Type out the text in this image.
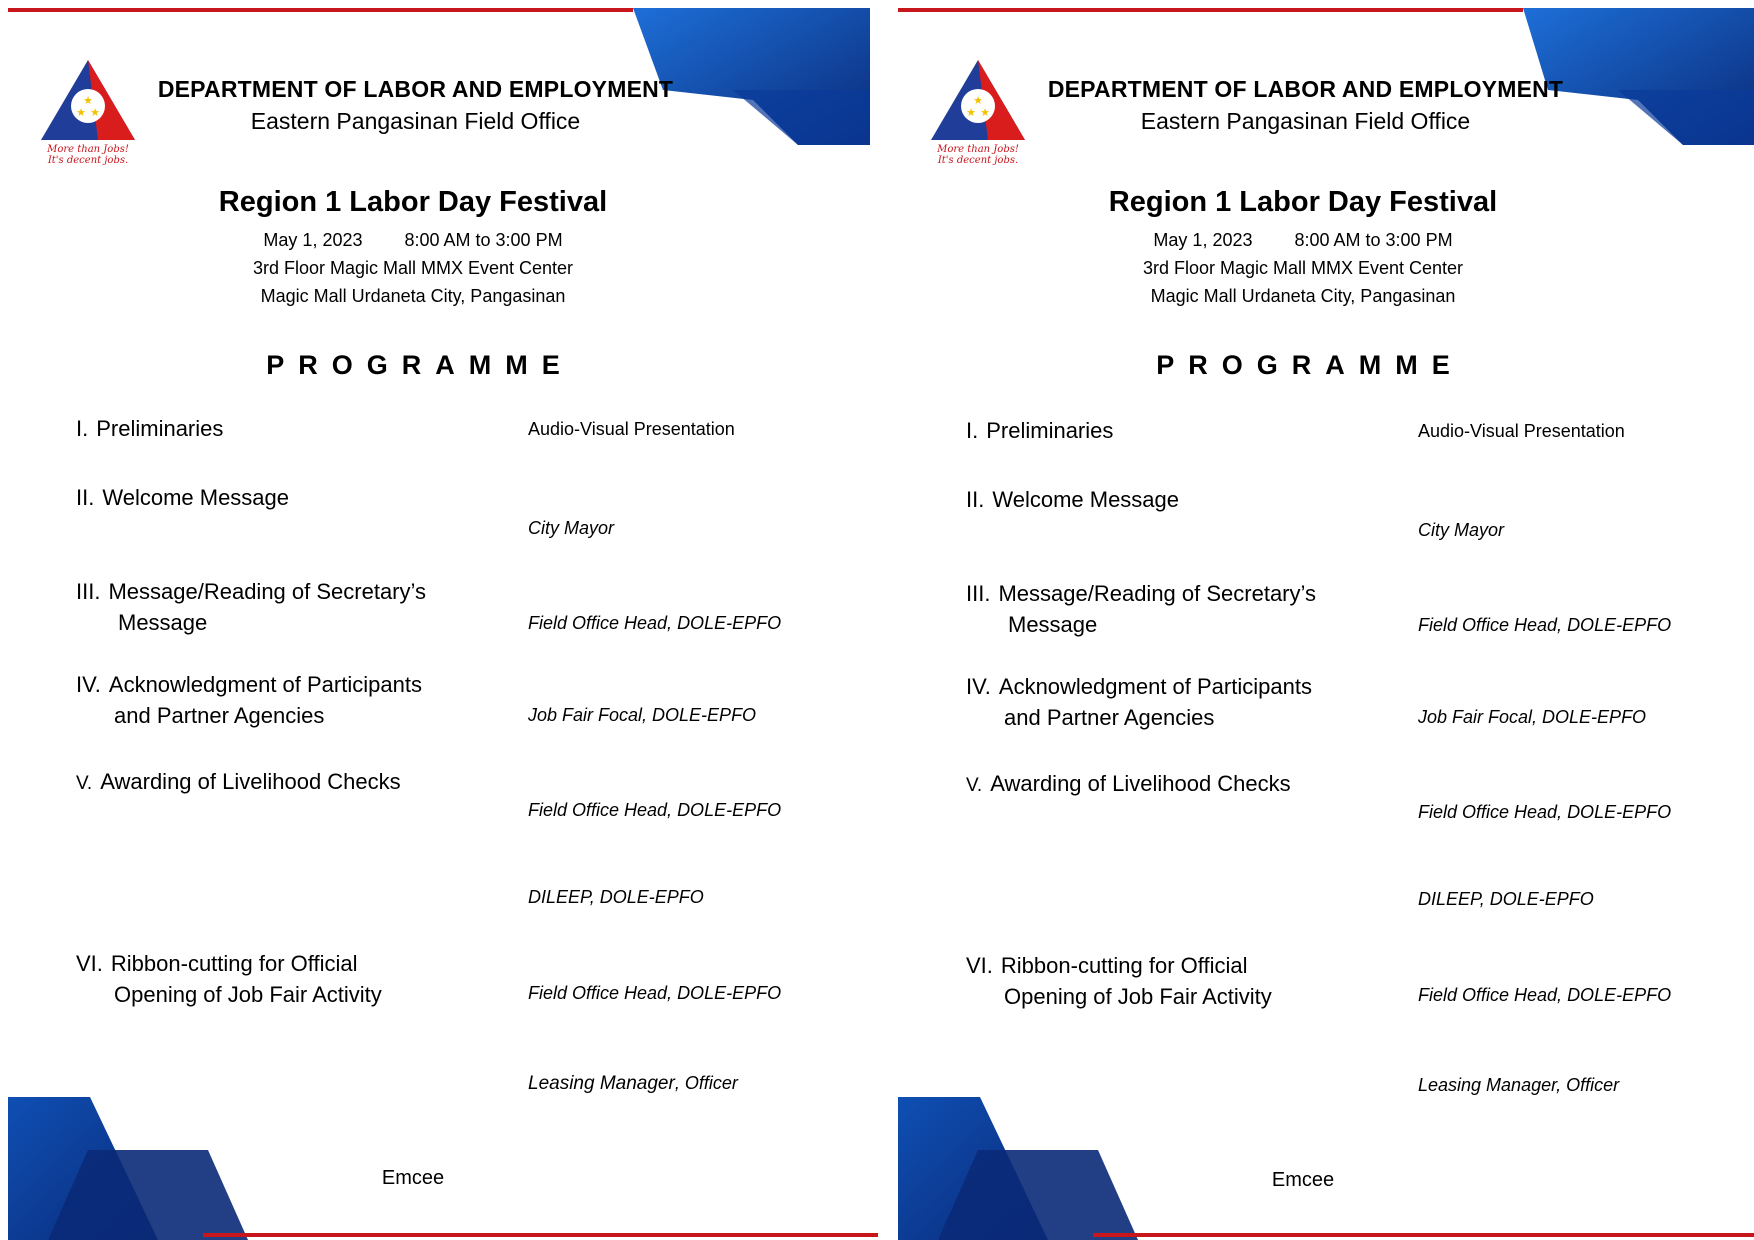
★
★ ★
More than Jobs!
It's decent jobs.
DEPARTMENT OF LABOR AND EMPLOYMENT
Eastern Pangasinan Field Office
Region 1 Labor Day Festival
May 1, 2023 8:00 AM to 3:00 PM
3rd Floor Magic Mall MMX Event Center
Magic Mall Urdaneta City, Pangasinan
PROGRAMME
I. Preliminaries
II. Welcome Message
III. Message/Reading of Secretary’s
Message
IV. Acknowledgment of Participants
and Partner Agencies
V. Awarding of Livelihood Checks
VI. Ribbon-cutting for Official
Opening of Job Fair Activity
Audio-Visual Presentation
City Mayor
Field Office Head, DOLE-EPFO
Job Fair Focal, DOLE-EPFO
Field Office Head, DOLE-EPFO
DILEEP, DOLE-EPFO
Field Office Head, DOLE-EPFO
Leasing Manager, Officer
Emcee
★
★ ★
More than Jobs!
It's decent jobs.
DEPARTMENT OF LABOR AND EMPLOYMENT
Eastern Pangasinan Field Office
Region 1 Labor Day Festival
May 1, 2023 8:00 AM to 3:00 PM
3rd Floor Magic Mall MMX Event Center
Magic Mall Urdaneta City, Pangasinan
PROGRAMME
I. Preliminaries
II. Welcome Message
III. Message/Reading of Secretary’s
Message
IV. Acknowledgment of Participants
and Partner Agencies
V. Awarding of Livelihood Checks
VI. Ribbon-cutting for Official
Opening of Job Fair Activity
Audio-Visual Presentation
City Mayor
Field Office Head, DOLE-EPFO
Job Fair Focal, DOLE-EPFO
Field Office Head, DOLE-EPFO
DILEEP, DOLE-EPFO
Field Office Head, DOLE-EPFO
Leasing Manager, Officer
Emcee
